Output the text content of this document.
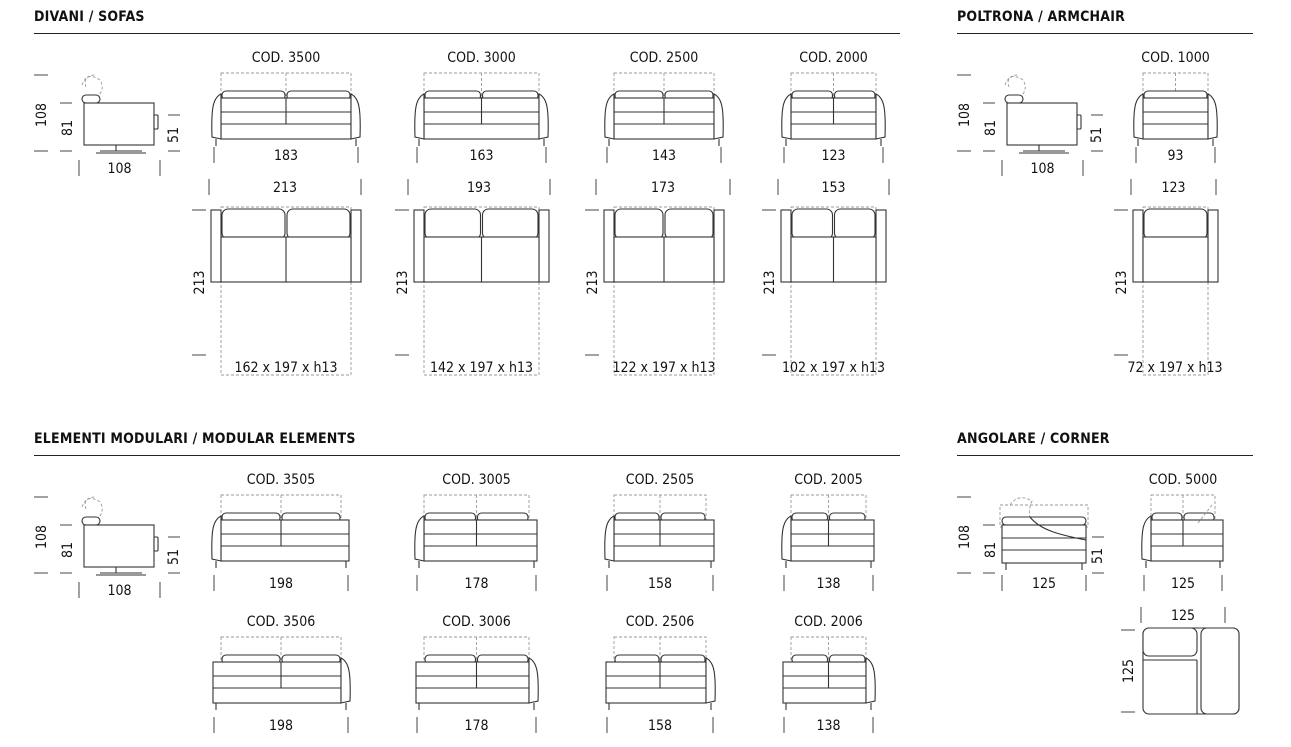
DIVANI / SOFAS	POLTRONA / ARMCHAIR
ELEMENTI MODULARI / MODULAR ELEMENTS	ANGOLARE / CORNER
108
81	51
108
COD. 3500
183
213
213
162 x 197 x h13
COD. 3000
163
193
213
142 x 197 x h13
COD. 2500
143
173
213
122 x 197 x h13
COD. 2000
123
153
213
102 x 197 x h13
108
81	51
108
COD. 1000
93
123
213
72 x 197 x h13
108
81	51
108
COD. 3505
198
COD. 3005
178
COD. 2505
158
COD. 2005
138
COD. 3506
198
COD. 3006
178
COD. 2506
158
COD. 2006
138
108
81	51
125
COD. 5000
125
125
125
